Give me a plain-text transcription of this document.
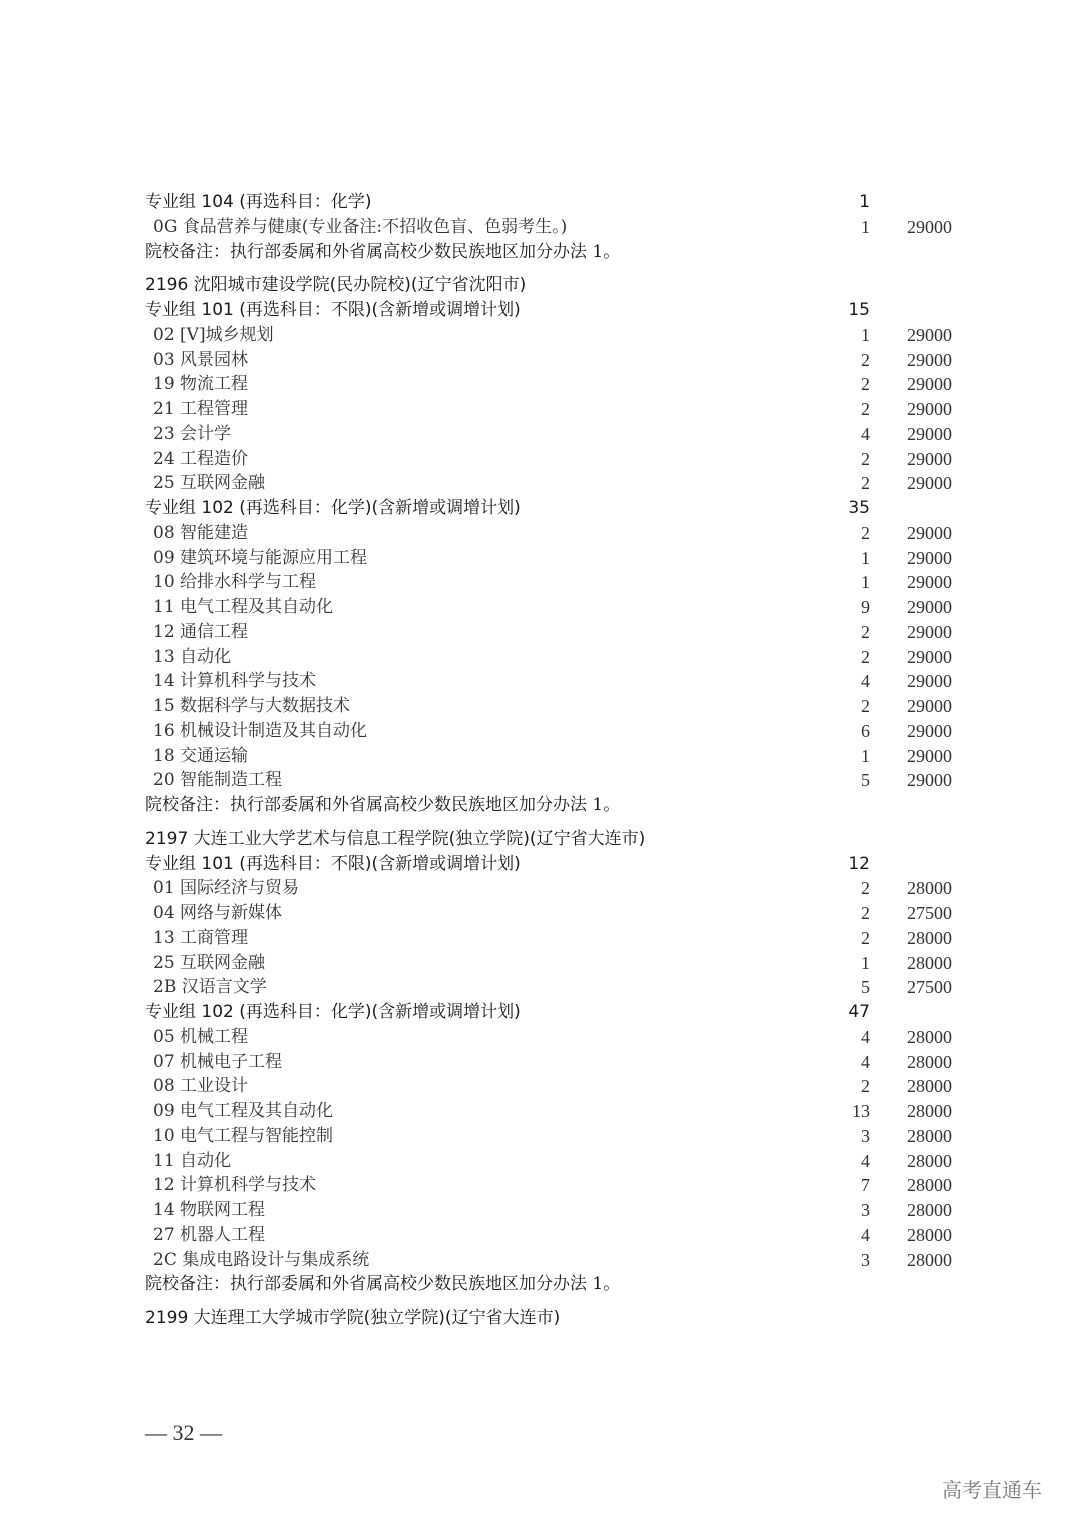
专业组 104 (再选科目：化学)	1
0G 食品营养与健康(专业备注:不招收色盲、色弱考生。)	1 29000
院校备注：执行部委属和外省属高校少数民族地区加分办法 1。
2196 沈阳城市建设学院(民办院校)(辽宁省沈阳市)
专业组 101 (再选科目：不限)(含新增或调增计划)	15
02 [V]城乡规划	1 29000
03 风景园林	2 29000
19 物流工程	2 29000
21 工程管理	2 29000
23 会计学	4 29000
24 工程造价	2 29000
25 互联网金融	2 29000
专业组 102 (再选科目：化学)(含新增或调增计划)	35
08 智能建造	2 29000
09 建筑环境与能源应用工程	1 29000
10 给排水科学与工程	1 29000
11 电气工程及其自动化	9 29000
12 通信工程	2 29000
13 自动化	2 29000
14 计算机科学与技术	4 29000
15 数据科学与大数据技术	2 29000
16 机械设计制造及其自动化	6 29000
18 交通运输	1 29000
20 智能制造工程	5 29000
院校备注：执行部委属和外省属高校少数民族地区加分办法 1。
2197 大连工业大学艺术与信息工程学院(独立学院)(辽宁省大连市)
专业组 101 (再选科目：不限)(含新增或调增计划)	12
01 国际经济与贸易	2 28000
04 网络与新媒体	2 27500
13 工商管理	2 28000
25 互联网金融	1 28000
2B 汉语言文学	5 27500
专业组 102 (再选科目：化学)(含新增或调增计划)	47
05 机械工程	4 28000
07 机械电子工程	4 28000
08 工业设计	2 28000
09 电气工程及其自动化	13 28000
10 电气工程与智能控制	3 28000
11 自动化	4 28000
12 计算机科学与技术	7 28000
14 物联网工程	3 28000
27 机器人工程	4 28000
2C 集成电路设计与集成系统	3 28000
院校备注：执行部委属和外省属高校少数民族地区加分办法 1。
2199 大连理工大学城市学院(独立学院)(辽宁省大连市)
— 32 —
高考直通车
